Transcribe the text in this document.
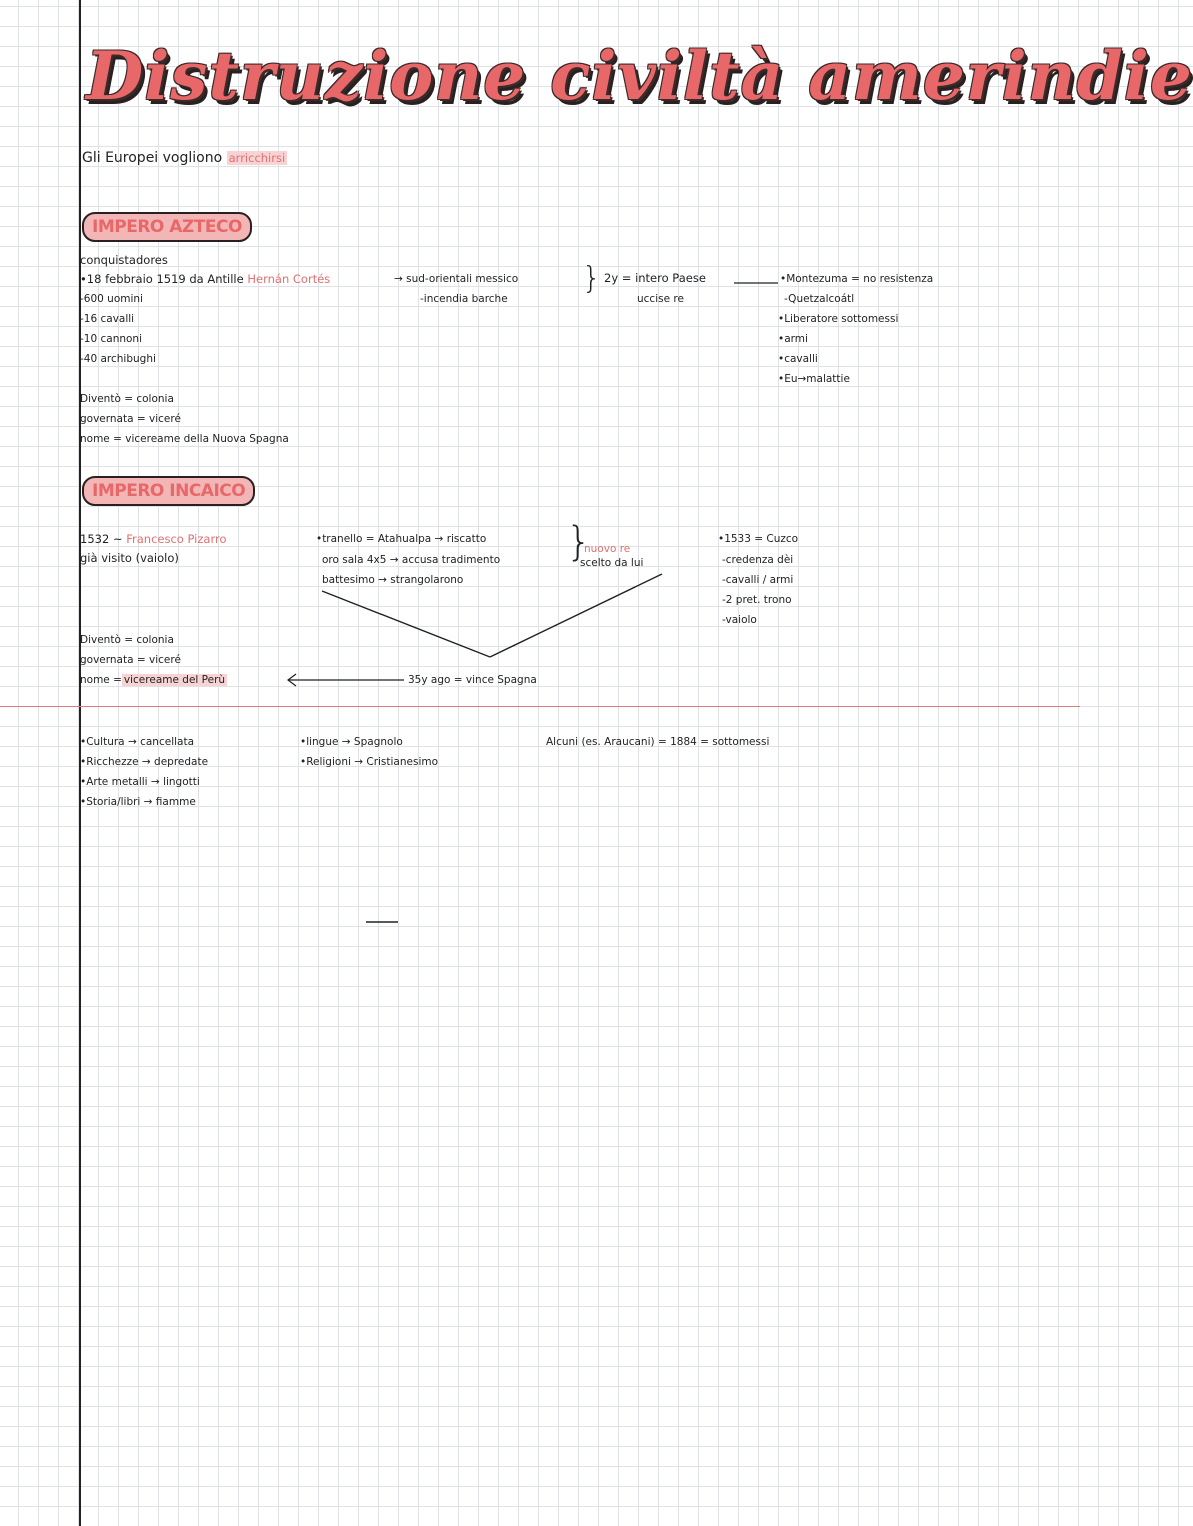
Distruzione civiltà amerindie
Gli Europei vogliono arricchirsi
IMPERO AZTECO
conquistadores
•18 febbraio 1519 da Antille Hernán Cortés
-600 uomini
-16 cavalli
-10 cannoni
-40 archibughi
→ sud-orientali messico
-incendia barche
} 2y = intero Paese
uccise re
•Montezuma = no resistenza
-Quetzalcoátl
•Liberatore sottomessi
•armi
•cavalli
•Eu→malattie
Diventò = colonia
governata = viceré
nome = vicereame della Nuova Spagna
IMPERO INCAICO
1532 ~ Francesco Pizarro
già visito (vaiolo)
•tranello = Atahualpa → riscatto
oro sala 4x5 → accusa tradimento
battesimo → strangolarono
}
nuovo re
scelto da lui
•1533 = Cuzco
-credenza dèi
-cavalli / armi
-2 pret. trono
-vaiolo
Diventò = colonia
governata = viceré
nome = vicereame del Perù	35y ago = vince Spagna
•Cultura → cancellata
•Ricchezze → depredate
•Arte metalli → lingotti
•Storia/libri → fiamme
•lingue → Spagnolo
•Religioni → Cristianesimo
Alcuni (es. Araucani) = 1884 = sottomessi
